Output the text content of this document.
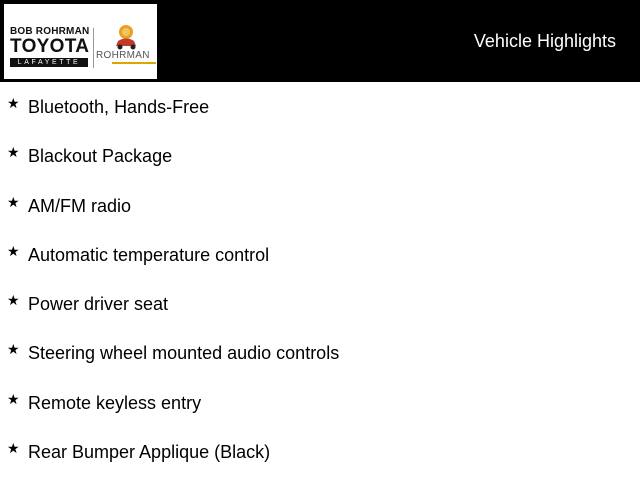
BOB ROHRMAN
TOYOTA
LAFAYETTE
ROHRMAN
Vehicle Highlights
★ Bluetooth, Hands-Free
★ Blackout Package
★ AM/FM radio
★ Automatic temperature control
★ Power driver seat
★ Steering wheel mounted audio controls
★ Remote keyless entry
★ Rear Bumper Applique (Black)
